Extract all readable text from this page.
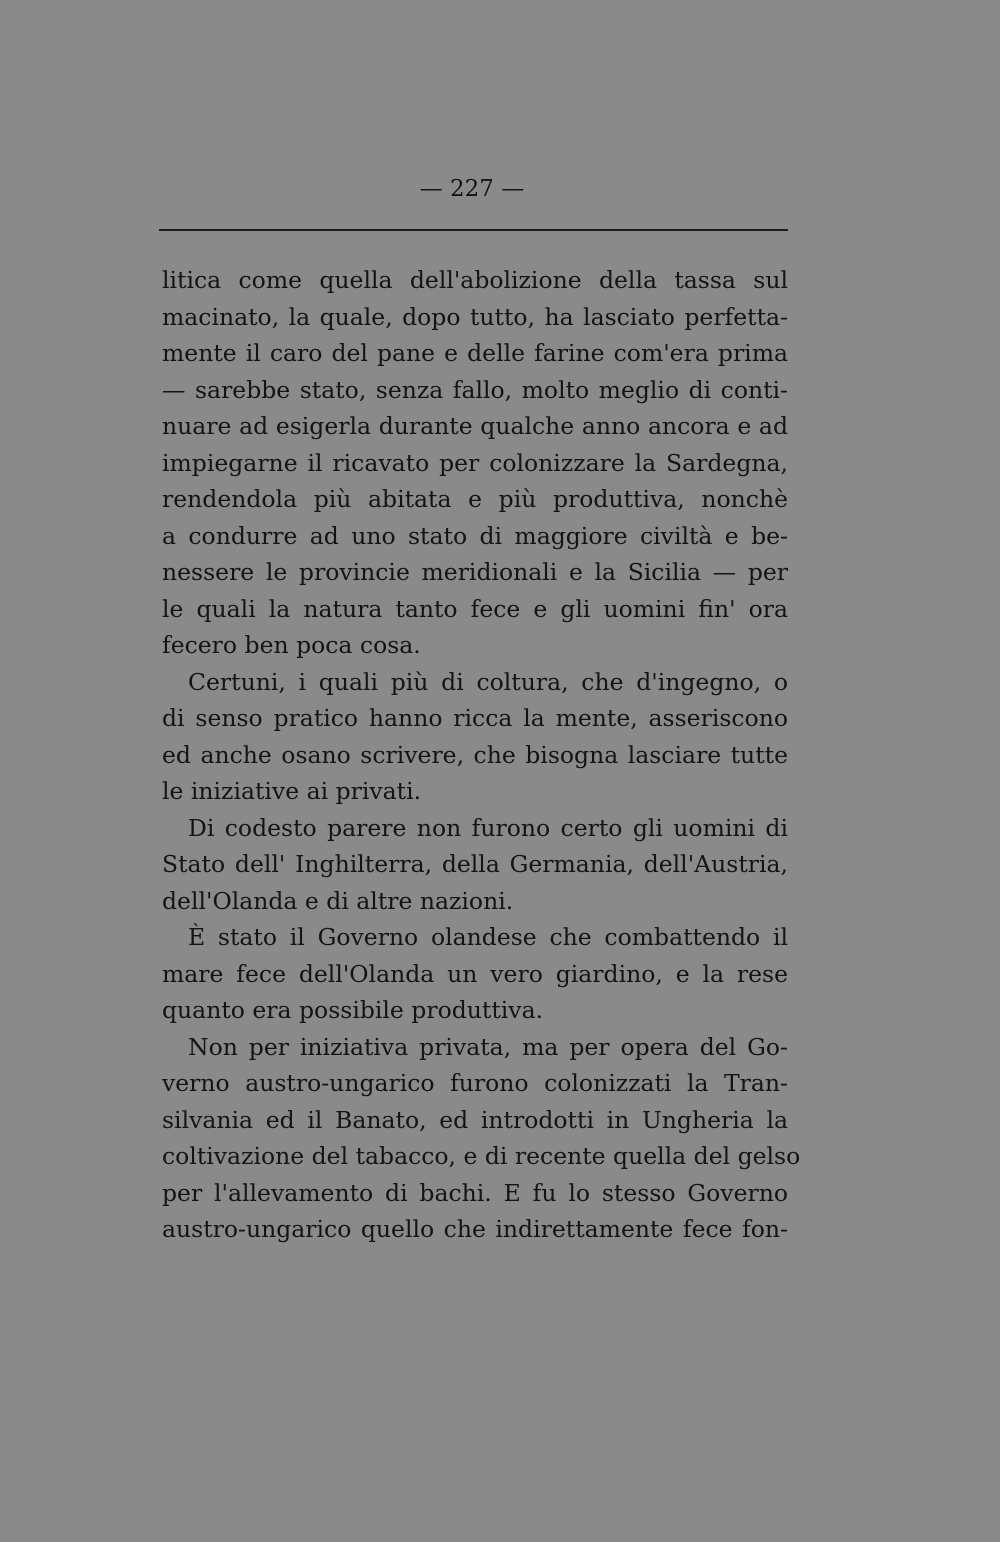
— 227 —
litica come quella dell'abolizione della tassa sul
macinato, la quale, dopo tutto, ha lasciato perfetta-
mente il caro del pane e delle farine com'era prima
— sarebbe stato, senza fallo, molto meglio di conti-
nuare ad esigerla durante qualche anno ancora e ad
impiegarne il ricavato per colonizzare la Sardegna,
rendendola più abitata e più produttiva, nonchè
a condurre ad uno stato di maggiore civiltà e be-
nessere le provincie meridionali e la Sicilia — per
le quali la natura tanto fece e gli uomini fin' ora
fecero ben poca cosa.
Certuni, i quali più di coltura, che d'ingegno, o
di senso pratico hanno ricca la mente, asseriscono
ed anche osano scrivere, che bisogna lasciare tutte
le iniziative ai privati.
Di codesto parere non furono certo gli uomini di
Stato dell' Inghilterra, della Germania, dell'Austria,
dell'Olanda e di altre nazioni.
È stato il Governo olandese che combattendo il
mare fece dell'Olanda un vero giardino, e la rese
quanto era possibile produttiva.
Non per iniziativa privata, ma per opera del Go-
verno austro-ungarico furono colonizzati la Tran-
silvania ed il Banato, ed introdotti in Ungheria la
coltivazione del tabacco, e di recente quella del gelso
per l'allevamento di bachi. E fu lo stesso Governo
austro-ungarico quello che indirettamente fece fon-
